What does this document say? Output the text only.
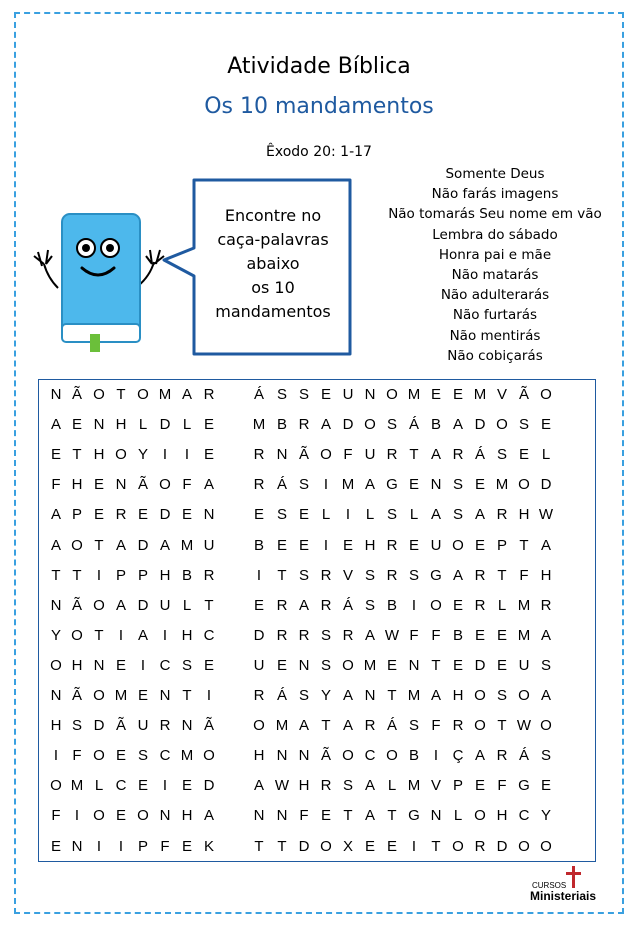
Atividade Bíblica
Os 10 mandamentos
Êxodo 20: 1-17
Encontre no
caça-palavras
abaixo
os 10
mandamentos
Somente Deus
Não farás imagens
Não tomarás Seu nome em vão
Lembra do sábado
Honra pai e mãe
Não matarás
Não adulterarás
Não furtarás
Não mentirás
Não cobiçarás
N Ã O T O M A R	Á S S E U N O M E E M V Ã O
A E N H L D L E	M B R A D O S Á B A D O S E
E T H O Y I	I E	R N Ã O F U R T A R Á S E L
F H E N Ã O F A	R Á S I M A G E N S E M O D
A P E R E D E N	E S E L	I	L S L A S A R H W
A O T A D A M U	B E E I E H R E U O E P T A
T T	I P P H B R	I	T S R V S R S G A R T F H
N Ã O A D U L T	E R A R Á S B I O E R L M R
Y O T	I A I H C	D R R S R A W F F B E E M A
O H N E I C S E	U E N S O M E N T E D E U S
N Ã O M E N T	I	R Á S Y A N T M A H O S O A
H S D Ã U R N Ã	O M A T A R Á S F R O T W O
I F O E S C M O	H N N Ã O C O B I Ç A R Á S
O M L C E I E D	A W H R S A L M V P E F G E
F I O E O N H A	N N F E T A T G N L O H C Y
E N I	I P F E K	T T D O X E E I	T O R D O O
CURSOS
Ministeriais
